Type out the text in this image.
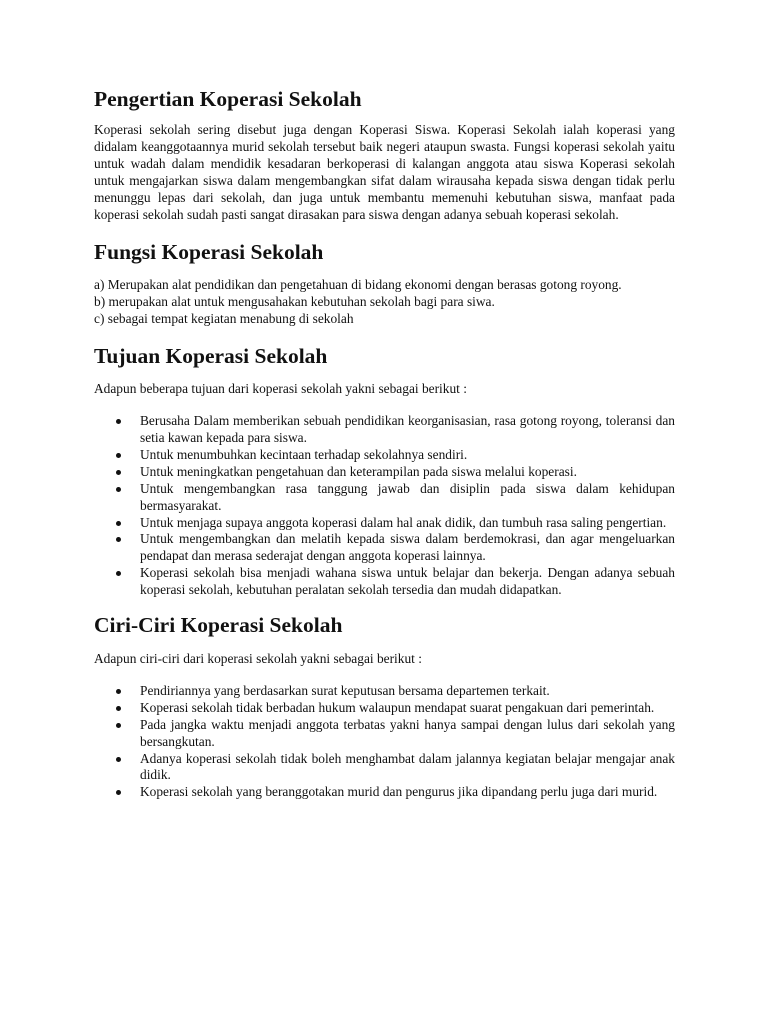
Pengertian Koperasi Sekolah

Koperasi sekolah sering disebut juga dengan Koperasi Siswa. Koperasi Sekolah ialah koperasi yang didalam keanggotaannya murid sekolah tersebut baik negeri ataupun swasta. Fungsi koperasi sekolah yaitu untuk wadah dalam mendidik kesadaran berkoperasi di kalangan anggota atau siswa Koperasi sekolah untuk mengajarkan siswa dalam mengembangkan sifat dalam wirausaha kepada siswa dengan tidak perlu menunggu lepas dari sekolah, dan juga untuk membantu memenuhi kebutuhan siswa, manfaat pada koperasi sekolah sudah pasti sangat dirasakan para siswa dengan adanya sebuah koperasi sekolah.

Fungsi Koperasi Sekolah

a) Merupakan alat pendidikan dan pengetahuan di bidang ekonomi dengan berasas gotong royong.

b) merupakan alat untuk mengusahakan kebutuhan sekolah bagi para siwa.

c) sebagai tempat kegiatan menabung di sekolah

Tujuan Koperasi Sekolah

Adapun beberapa tujuan dari koperasi sekolah yakni sebagai berikut :

Berusaha Dalam memberikan sebuah pendidikan keorganisasian, rasa gotong royong, toleransi dan setia kawan kepada para siswa.
Untuk menumbuhkan kecintaan terhadap sekolahnya sendiri.
Untuk meningkatkan pengetahuan dan keterampilan pada siswa melalui koperasi.
Untuk mengembangkan rasa tanggung jawab dan disiplin pada siswa dalam kehidupan bermasyarakat.
Untuk menjaga supaya anggota koperasi dalam hal anak didik, dan tumbuh rasa saling pengertian.
Untuk mengembangkan dan melatih kepada siswa dalam berdemokrasi, dan agar mengeluarkan pendapat dan merasa sederajat dengan anggota koperasi lainnya.
Koperasi sekolah bisa menjadi wahana siswa untuk belajar dan bekerja. Dengan adanya sebuah koperasi sekolah, kebutuhan peralatan sekolah tersedia dan mudah didapatkan.
Ciri-Ciri Koperasi Sekolah

Adapun ciri-ciri dari koperasi sekolah yakni sebagai berikut :

Pendiriannya yang berdasarkan surat keputusan bersama departemen terkait.
Koperasi sekolah tidak berbadan hukum walaupun mendapat suarat pengakuan dari pemerintah.
Pada jangka waktu menjadi anggota terbatas yakni hanya sampai dengan lulus dari sekolah yang bersangkutan.
Adanya koperasi sekolah tidak boleh menghambat dalam jalannya kegiatan belajar mengajar anak didik.
Koperasi sekolah yang beranggotakan murid dan pengurus jika dipandang perlu juga dari murid.
